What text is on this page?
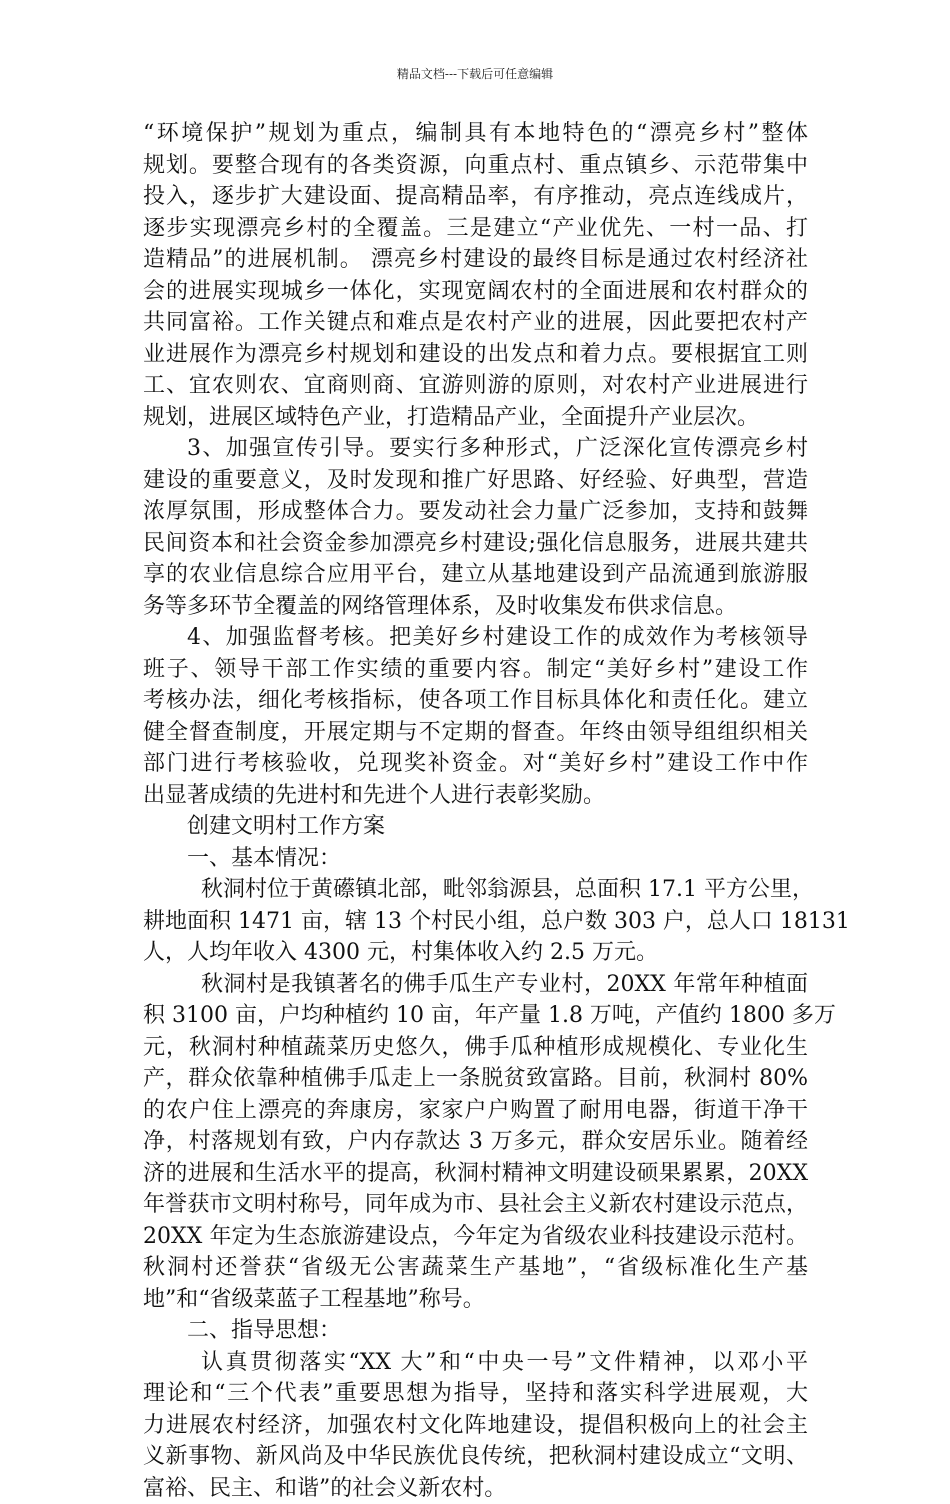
精品文档---下载后可任意编辑
“环境保护”规划为重点，编制具有本地特色的“漂亮乡村”整体
规划。要整合现有的各类资源，向重点村、重点镇乡、示范带集中
投入，逐步扩大建设面、提高精品率，有序推动，亮点连线成片，
逐步实现漂亮乡村的全覆盖。三是建立“产业优先、一村一品、打
造精品”的进展机制。 漂亮乡村建设的最终目标是通过农村经济社
会的进展实现城乡一体化，实现宽阔农村的全面进展和农村群众的
共同富裕。工作关键点和难点是农村产业的进展，因此要把农村产
业进展作为漂亮乡村规划和建设的出发点和着力点。要根据宜工则
工、宜农则农、宜商则商、宜游则游的原则，对农村产业进展进行
规划，进展区域特色产业，打造精品产业，全面提升产业层次。
3、加强宣传引导。要实行多种形式，广泛深化宣传漂亮乡村
建设的重要意义，及时发现和推广好思路、好经验、好典型，营造
浓厚氛围，形成整体合力。要发动社会力量广泛参加，支持和鼓舞
民间资本和社会资金参加漂亮乡村建设;强化信息服务，进展共建共
享的农业信息综合应用平台，建立从基地建设到产品流通到旅游服
务等多环节全覆盖的网络管理体系，及时收集发布供求信息。
4、加强监督考核。把美好乡村建设工作的成效作为考核领导
班子、领导干部工作实绩的重要内容。制定“美好乡村”建设工作
考核办法，细化考核指标，使各项工作目标具体化和责任化。建立
健全督查制度，开展定期与不定期的督查。年终由领导组组织相关
部门进行考核验收，兑现奖补资金。对“美好乡村”建设工作中作
出显著成绩的先进村和先进个人进行表彰奖励。
创建文明村工作方案
一、基本情况：
秋洞村位于黄礤镇北部，毗邻翁源县，总面积 17.1 平方公里，
耕地面积 1471 亩，辖 13 个村民小组，总户数 303 户，总人口 18131
人，人均年收入 4300 元，村集体收入约 2.5 万元。
秋洞村是我镇著名的佛手瓜生产专业村，20XX 年常年种植面
积 3100 亩，户均种植约 10 亩，年产量 1.8 万吨，产值约 1800 多万
元，秋洞村种植蔬菜历史悠久，佛手瓜种植形成规模化、专业化生
产，群众依靠种植佛手瓜走上一条脱贫致富路。目前，秋洞村 80%
的农户住上漂亮的奔康房，家家户户购置了耐用电器，街道干净干
净，村落规划有致，户内存款达 3 万多元，群众安居乐业。随着经
济的进展和生活水平的提高，秋洞村精神文明建设硕果累累，20XX
年誉获市文明村称号，同年成为市、县社会主义新农村建设示范点，
20XX 年定为生态旅游建设点，今年定为省级农业科技建设示范村。
秋洞村还誉获“省级无公害蔬菜生产基地”，“省级标准化生产基
地”和“省级菜蓝子工程基地”称号。
二、指导思想：
认真贯彻落实“XX 大”和“中央一号”文件精神，以邓小平
理论和“三个代表”重要思想为指导，坚持和落实科学进展观，大
力进展农村经济，加强农村文化阵地建设，提倡积极向上的社会主
义新事物、新风尚及中华民族优良传统，把秋洞村建设成立“文明、
富裕、民主、和谐”的社会义新农村。
